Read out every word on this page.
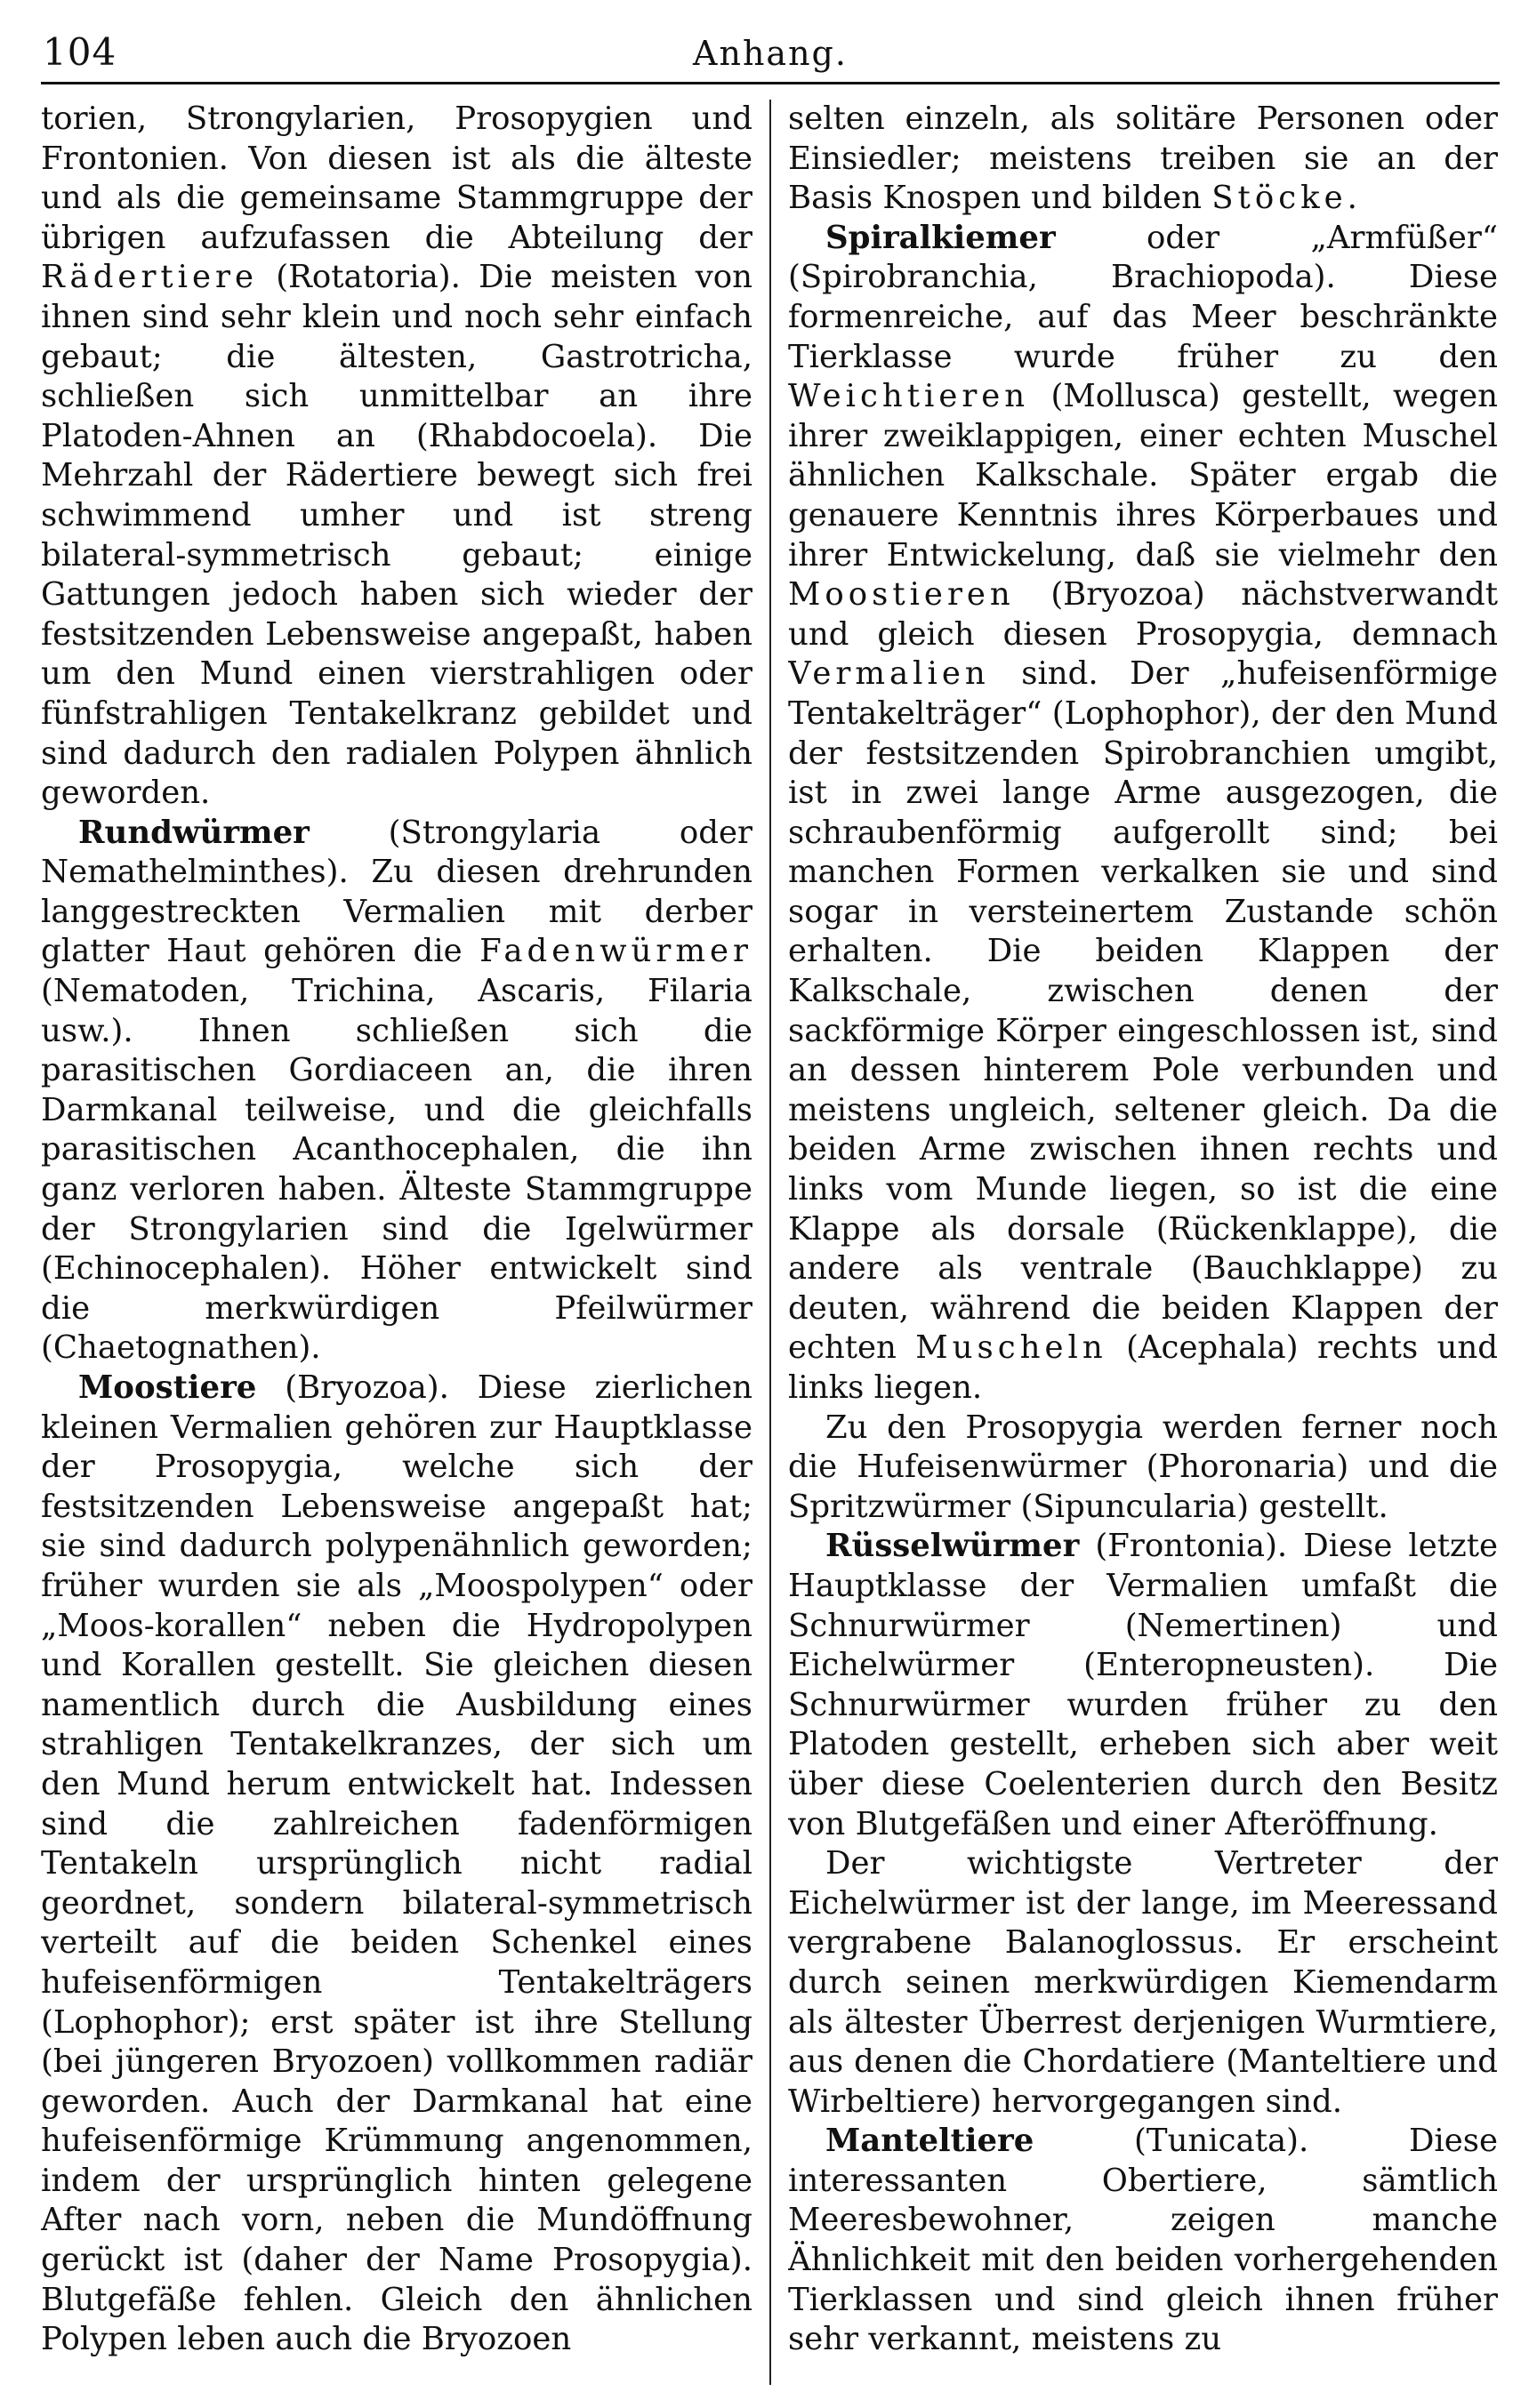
104	Anhang.

torien, Strongylarien, Prosopygien und Frontonien. Von diesen ist als die älteste und als die gemeinsame Stammgruppe der übrigen aufzufassen die Abteilung der Rädertiere (Rotatoria). Die meisten von ihnen sind sehr klein und noch sehr einfach gebaut; die ältesten, Gastrotricha, schließen sich unmittelbar an ihre Platoden-Ahnen an (Rhabdocoela). Die Mehrzahl der Rädertiere bewegt sich frei schwimmend umher und ist streng bilateral-symmetrisch gebaut; einige Gattungen jedoch haben sich wieder der festsitzenden Lebensweise angepaßt, haben um den Mund einen vierstrahligen oder fünfstrahligen Tentakelkranz gebildet und sind dadurch den radialen Polypen ähnlich geworden.

Rundwürmer (Strongylaria oder Nemathelminthes). Zu diesen drehrunden langgestreckten Vermalien mit derber glatter Haut gehören die Fadenwürmer (Nematoden, Trichina, Ascaris, Filaria usw.). Ihnen schließen sich die parasitischen Gordiaceen an, die ihren Darmkanal teilweise, und die gleichfalls parasitischen Acanthocephalen, die ihn ganz verloren haben. Älteste Stammgruppe der Strongylarien sind die Igelwürmer (Echinocephalen). Höher entwickelt sind die merkwürdigen Pfeilwürmer (Chaetognathen).

Moostiere (Bryozoa). Diese zierlichen kleinen Vermalien gehören zur Hauptklasse der Prosopygia, welche sich der festsitzenden Lebensweise angepaßt hat; sie sind dadurch polypenähnlich geworden; früher wurden sie als „Moospolypen“ oder „Moos-korallen“ neben die Hydropolypen und Korallen gestellt. Sie gleichen diesen namentlich durch die Ausbildung eines strahligen Tentakelkranzes, der sich um den Mund herum entwickelt hat. Indessen sind die zahlreichen fadenförmigen Tentakeln ursprünglich nicht radial geordnet, sondern bilateral-symmetrisch verteilt auf die beiden Schenkel eines hufeisenförmigen Tentakelträgers (Lophophor); erst später ist ihre Stellung (bei jüngeren Bryozoen) vollkommen radiär geworden. Auch der Darmkanal hat eine hufeisenförmige Krümmung angenommen, indem der ursprünglich hinten gelegene After nach vorn, neben die Mundöffnung gerückt ist (daher der Name Prosopygia). Blutgefäße fehlen. Gleich den ähnlichen Polypen leben auch die Bryozoen

selten einzeln, als solitäre Personen oder Einsiedler; meistens treiben sie an der Basis Knospen und bilden Stöcke.

Spiralkiemer oder „Armfüßer“ (Spirobranchia, Brachiopoda). Diese formenreiche, auf das Meer beschränkte Tierklasse wurde früher zu den Weichtieren (Mollusca) gestellt, wegen ihrer zweiklappigen, einer echten Muschel ähnlichen Kalkschale. Später ergab die genauere Kenntnis ihres Körperbaues und ihrer Entwickelung, daß sie vielmehr den Moostieren (Bryozoa) nächstverwandt und gleich diesen Prosopygia, demnach Vermalien sind. Der „hufeisenförmige Tentakelträger“ (Lophophor), der den Mund der festsitzenden Spirobranchien umgibt, ist in zwei lange Arme ausgezogen, die schraubenförmig aufgerollt sind; bei manchen Formen verkalken sie und sind sogar in versteinertem Zustande schön erhalten. Die beiden Klappen der Kalkschale, zwischen denen der sackförmige Körper eingeschlossen ist, sind an dessen hinterem Pole verbunden und meistens ungleich, seltener gleich. Da die beiden Arme zwischen ihnen rechts und links vom Munde liegen, so ist die eine Klappe als dorsale (Rückenklappe), die andere als ventrale (Bauchklappe) zu deuten, während die beiden Klappen der echten Muscheln (Acephala) rechts und links liegen.

Zu den Prosopygia werden ferner noch die Hufeisenwürmer (Phoronaria) und die Spritzwürmer (Sipuncularia) gestellt.

Rüsselwürmer (Frontonia). Diese letzte Hauptklasse der Vermalien umfaßt die Schnurwürmer (Nemertinen) und Eichelwürmer (Enteropneusten). Die Schnurwürmer wurden früher zu den Platoden gestellt, erheben sich aber weit über diese Coelenterien durch den Besitz von Blutgefäßen und einer Afteröffnung.

Der wichtigste Vertreter der Eichelwürmer ist der lange, im Meeressand vergrabene Balanoglossus. Er erscheint durch seinen merkwürdigen Kiemendarm als ältester Überrest derjenigen Wurmtiere, aus denen die Chordatiere (Manteltiere und Wirbeltiere) hervorgegangen sind.

Manteltiere (Tunicata). Diese interessanten Obertiere, sämtlich Meeresbewohner, zeigen manche Ähnlichkeit mit den beiden vorhergehenden Tierklassen und sind gleich ihnen früher sehr verkannt, meistens zu
